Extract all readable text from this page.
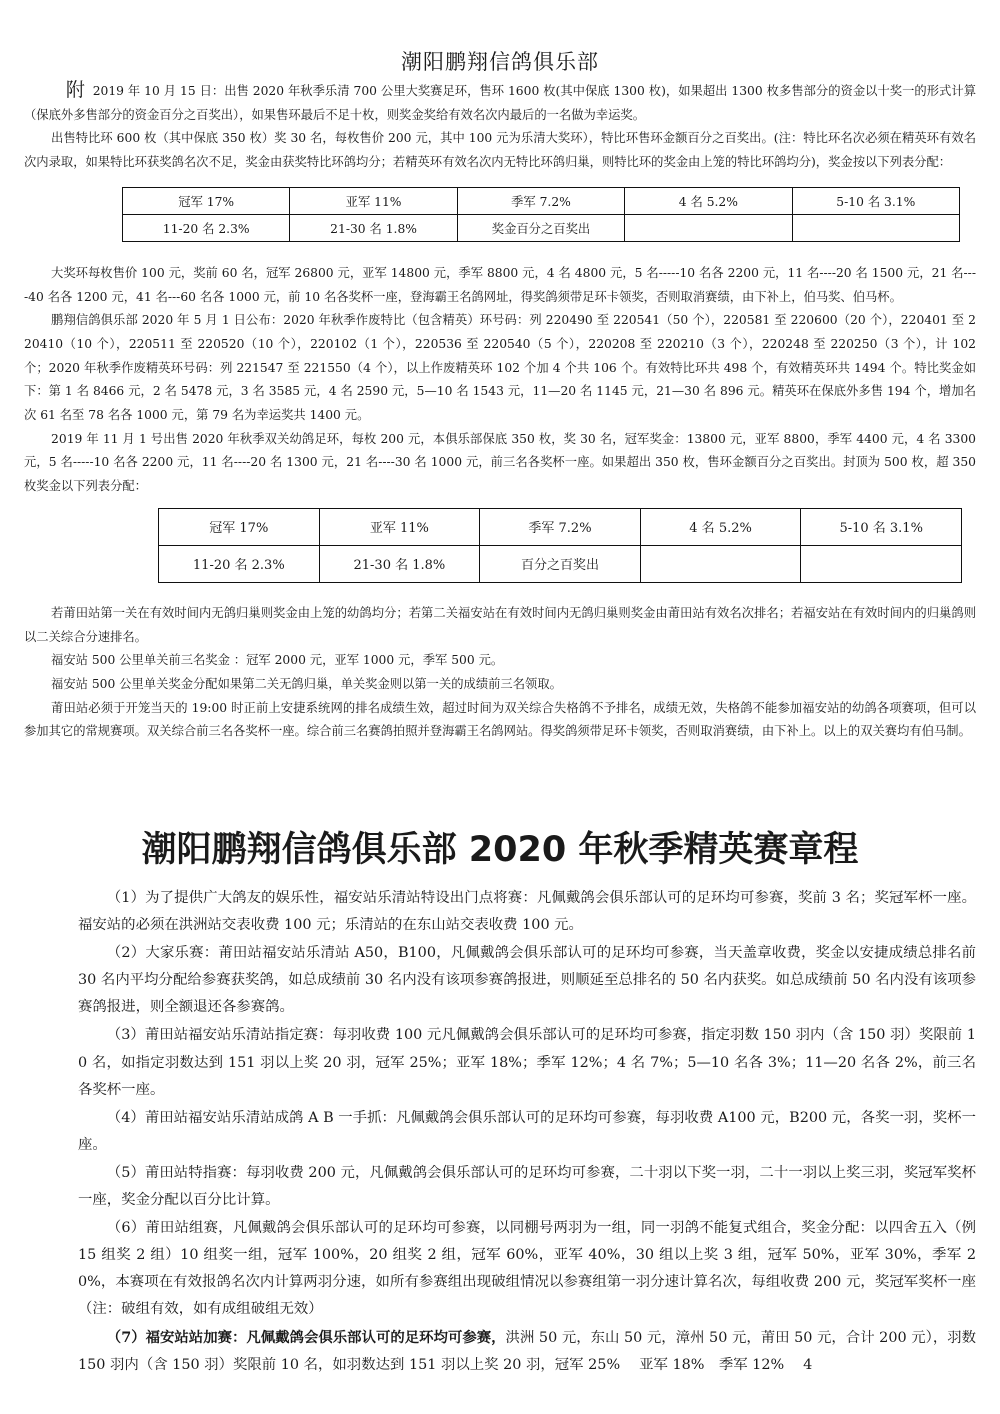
潮阳鹏翔信鸽俱乐部

附 2019 年 10 月 15 日：出售 2020 年秋季乐清 700 公里大奖赛足环，售环 1600 枚(其中保底 1300 枚)，如果超出 1300 枚多售部分的资金以十奖一的形式计算（保底外多售部分的资金百分之百奖出），如果售环最后不足十枚，则奖金奖给有效名次内最后的一名做为幸运奖。

出售特比环 600 枚（其中保底 350 枚）奖 30 名，每枚售价 200 元，其中 100 元为乐清大奖环），特比环售环金额百分之百奖出。(注：特比环名次必须在精英环有效名次内录取，如果特比环获奖鸽名次不足，奖金由获奖特比环鸽均分；若精英环有效名次内无特比环鸽归巢，则特比环的奖金由上笼的特比环鸽均分)，奖金按以下列表分配：

冠军 17%	亚军 11%	季军 7.2%	4 名 5.2%	5-10 名 3.1%
11-20 名 2.3%	21-30 名 1.8%	奖金百分之百奖出		

大奖环每枚售价 100 元，奖前 60 名，冠军 26800 元，亚军 14800 元，季军 8800 元，4 名 4800 元，5 名-----10 名各 2200 元，11 名----20 名 1500 元，21 名----40 名各 1200 元，41 名---60 名各 1000 元，前 10 名各奖杯一座，登海霸王名鸽网址，得奖鸽须带足环卡领奖，否则取消赛绩，由下补上，伯马奖、伯马杯。

鹏翔信鸽俱乐部 2020 年 5 月 1 日公布：2020 年秋季作废特比（包含精英）环号码：列 220490 至 220541（50 个），220581 至 220600（20 个），220401 至 220410（10 个），220511 至 220520（10 个），220102（1 个），220536 至 220540（5 个），220208 至 220210（3 个），220248 至 220250（3 个），计 102 个；2020 年秋季作废精英环号码：列 221547 至 221550（4 个），以上作废精英环 102 个加 4 个共 106 个。有效特比环共 498 个，有效精英环共 1494 个。特比奖金如下：第 1 名 8466 元，2 名 5478 元，3 名 3585 元，4 名 2590 元，5—10 名 1543 元，11—20 名 1145 元，21—30 名 896 元。精英环在保底外多售 194 个，增加名次 61 名至 78 名各 1000 元，第 79 名为幸运奖共 1400 元。

2019 年 11 月 1 号出售 2020 年秋季双关幼鸽足环，每枚 200 元，本俱乐部保底 350 枚，奖 30 名，冠军奖金：13800 元，亚军 8800，季军 4400 元，4 名 3300 元，5 名-----10 名各 2200 元，11 名----20 名 1300 元，21 名----30 名 1000 元，前三名各奖杯一座。如果超出 350 枚，售环金额百分之百奖出。封顶为 500 枚，超 350 枚奖金以下列表分配：

冠军 17%	亚军 11%	季军 7.2%	4 名 5.2%	5-10 名 3.1%
11-20 名 2.3%	21-30 名 1.8%	百分之百奖出		

若莆田站第一关在有效时间内无鸽归巢则奖金由上笼的幼鸽均分；若第二关福安站在有效时间内无鸽归巢则奖金由莆田站有效名次排名；若福安站在有效时间内的归巢鸽则以二关综合分速排名。

福安站 500 公里单关前三名奖金 ：冠军 2000 元，亚军 1000 元，季军 500 元。

福安站 500 公里单关奖金分配如果第二关无鸽归巢，单关奖金则以第一关的成绩前三名领取。

莆田站必须于开笼当天的 19:00 时正前上安捷系统网的排名成绩生效，超过时间为双关综合失格鸽不予排名，成绩无效，失格鸽不能参加福安站的幼鸽各项赛项，但可以参加其它的常规赛项。双关综合前三名各奖杯一座。综合前三名赛鸽拍照并登海霸王名鸽网站。得奖鸽须带足环卡领奖，否则取消赛绩，由下补上。以上的双关赛均有伯马制。

潮阳鹏翔信鸽俱乐部 2020 年秋季精英赛章程

（1）为了提供广大鸽友的娱乐性，福安站乐清站特设出门点将赛：凡佩戴鸽会俱乐部认可的足环均可参赛，奖前 3 名；奖冠军杯一座。福安站的必须在洪洲站交表收费 100 元；乐清站的在东山站交表收费 100 元。

（2）大家乐赛：莆田站福安站乐清站 A50，B100，凡佩戴鸽会俱乐部认可的足环均可参赛，当天盖章收费，奖金以安捷成绩总排名前 30 名内平均分配给参赛获奖鸽，如总成绩前 30 名内没有该项参赛鸽报进，则顺延至总排名的 50 名内获奖。如总成绩前 50 名内没有该项参赛鸽报进，则全额退还各参赛鸽。

（3）莆田站福安站乐清站指定赛：每羽收费 100 元凡佩戴鸽会俱乐部认可的足环均可参赛，指定羽数 150 羽内（含 150 羽）奖限前 10 名，如指定羽数达到 151 羽以上奖 20 羽，冠军 25%；亚军 18%；季军 12%；4 名 7%；5—10 名各 3%；11—20 名各 2%，前三名各奖杯一座。

（4）莆田站福安站乐清站成鸽 A B 一手抓：凡佩戴鸽会俱乐部认可的足环均可参赛，每羽收费 A100 元，B200 元，各奖一羽，奖杯一座。

（5）莆田站特指赛：每羽收费 200 元，凡佩戴鸽会俱乐部认可的足环均可参赛，二十羽以下奖一羽，二十一羽以上奖三羽，奖冠军奖杯一座，奖金分配以百分比计算。

（6）莆田站组赛，凡佩戴鸽会俱乐部认可的足环均可参赛，以同棚号两羽为一组，同一羽鸽不能复式组合，奖金分配：以四舍五入（例 15 组奖 2 组）10 组奖一组，冠军 100%，20 组奖 2 组，冠军 60%，亚军 40%，30 组以上奖 3 组，冠军 50%，亚军 30%，季军 20%，本赛项在有效报鸽名次内计算两羽分速，如所有参赛组出现破组情况以参赛组第一羽分速计算名次，每组收费 200 元，奖冠军奖杯一座（注：破组有效，如有成组破组无效）

（7）福安站站加赛：凡佩戴鸽会俱乐部认可的足环均可参赛，洪洲 50 元，东山 50 元，漳州 50 元，莆田 50 元，合计 200 元），羽数 150 羽内（含 150 羽）奖限前 10 名，如羽数达到 151 羽以上奖 20 羽，冠军 25%　 亚军 18%　季军 12%　 4
